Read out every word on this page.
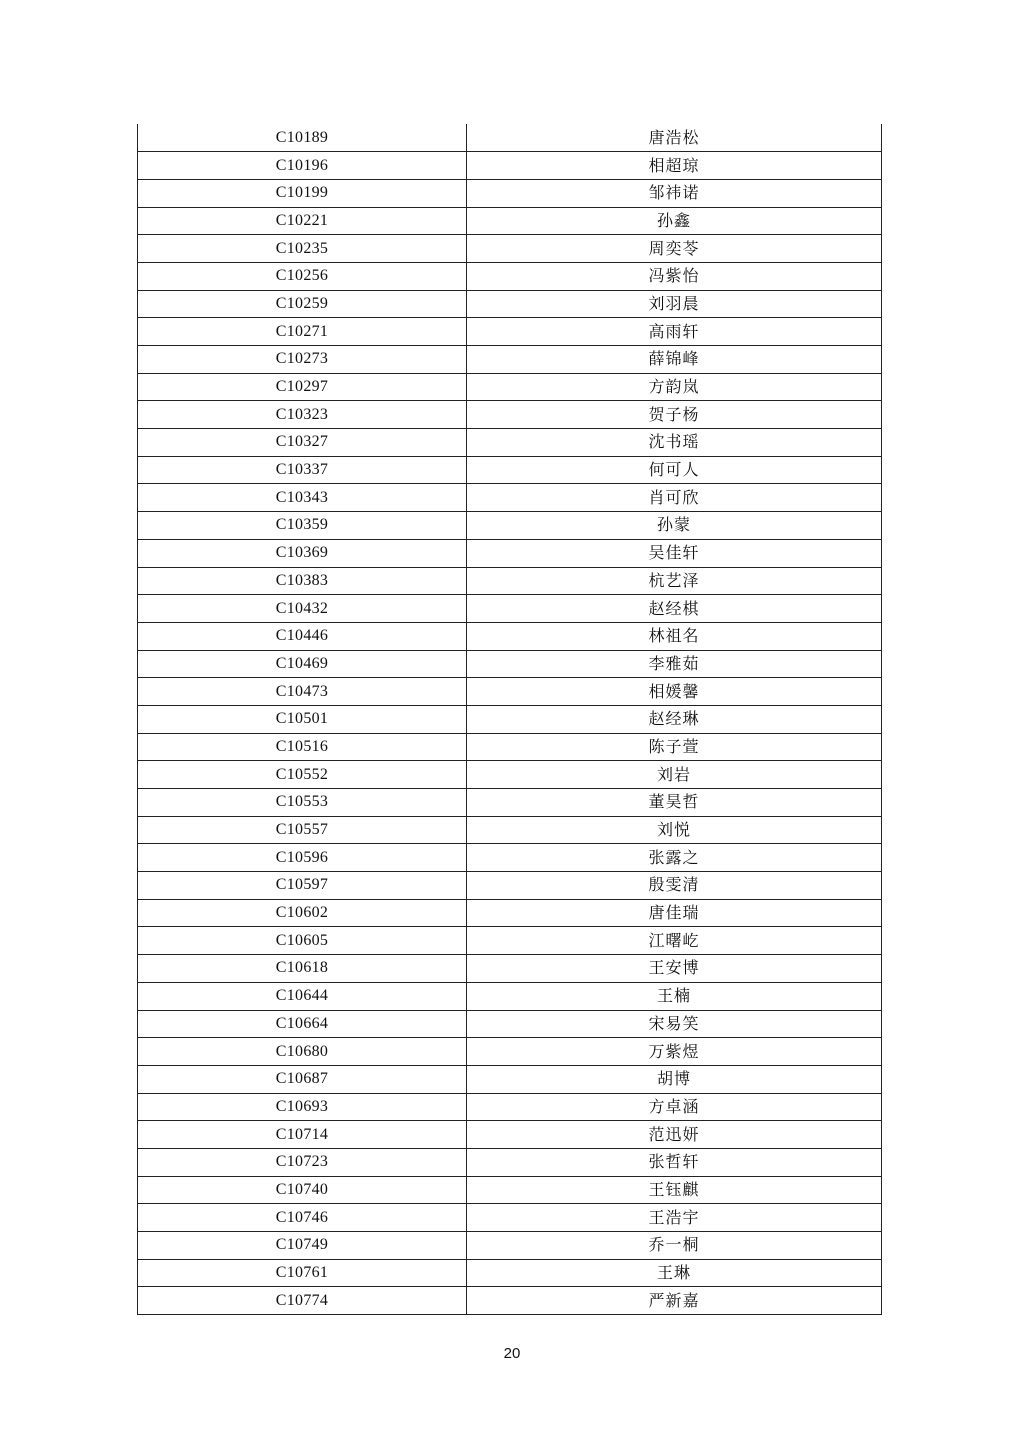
C10189	唐浩松
C10196	相超琼
C10199	邹祎诺
C10221	孙鑫
C10235	周奕苓
C10256	冯紫怡
C10259	刘羽晨
C10271	高雨轩
C10273	薛锦峰
C10297	方韵岚
C10323	贺子杨
C10327	沈书瑶
C10337	何可人
C10343	肖可欣
C10359	孙蒙
C10369	吴佳轩
C10383	杭艺泽
C10432	赵经棋
C10446	林祖名
C10469	李雅茹
C10473	相媛馨
C10501	赵经琳
C10516	陈子萱
C10552	刘岩
C10553	董昊哲
C10557	刘悦
C10596	张露之
C10597	殷雯清
C10602	唐佳瑞
C10605	江曙屹
C10618	王安博
C10644	王楠
C10664	宋易笑
C10680	万紫煜
C10687	胡博
C10693	方卓涵
C10714	范迅妍
C10723	张哲轩
C10740	王钰麒
C10746	王浩宇
C10749	乔一桐
C10761	王琳
C10774	严新嘉
20
